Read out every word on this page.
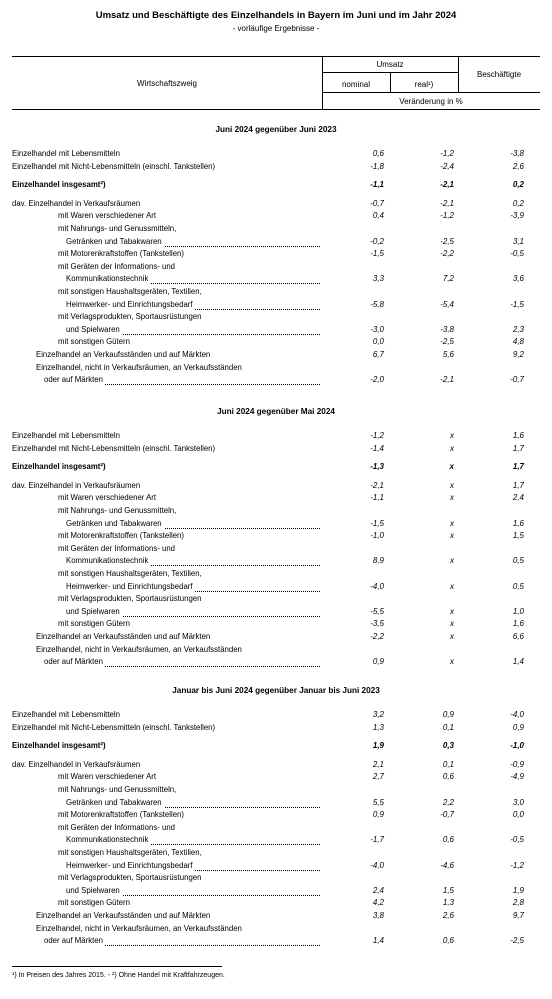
Umsatz und Beschäftigte des Einzelhandels in Bayern im Juni und im Jahr 2024
- vorläufige Ergebnisse -
Wirtschaftszweig
Umsatz
nominal	real¹)
Beschäftigte
Veränderung in %
Juni 2024 gegenüber Juni 2023
Einzelhandel mit Lebensmitteln	0,6	-1,2	-3,8
Einzelhandel mit Nicht-Lebensmitteln (einschl. Tankstellen)	-1,8	-2,4	2,6
Einzelhandel insgesamt²)	-1,1	-2,1	0,2
dav. Einzelhandel in Verkaufsräumen	-0,7	-2,1	0,2
mit Waren verschiedener Art	0,4	-1,2	-3,9
mit Nahrungs- und Genussmitteln,
Getränken und Tabakwaren	-0,2	-2,5	3,1
mit Motorenkraftstoffen (Tankstellen)	-1,5	-2,2	-0,5
mit Geräten der Informations- und
Kommunikationstechnik	3,3	7,2	3,6
mit sonstigen Haushaltsgeräten, Textilien,
Heimwerker- und Einrichtungsbedarf	-5,8	-5,4	-1,5
mit Verlagsprodukten, Sportausrüstungen
und Spielwaren	-3,0	-3,8	2,3
mit sonstigen Gütern	0,0	-2,5	4,8
Einzelhandel an Verkaufsständen und auf Märkten	6,7	5,6	9,2
Einzelhandel, nicht in Verkaufsräumen, an Verkaufsständen
oder auf Märkten	-2,0	-2,1	-0,7
Juni 2024 gegenüber Mai 2024
Einzelhandel mit Lebensmitteln	-1,2	x	1,6
Einzelhandel mit Nicht-Lebensmitteln (einschl. Tankstellen)	-1,4	x	1,7
Einzelhandel insgesamt²)	-1,3	x	1,7
dav. Einzelhandel in Verkaufsräumen	-2,1	x	1,7
mit Waren verschiedener Art	-1,1	x	2,4
mit Nahrungs- und Genussmitteln,
Getränken und Tabakwaren	-1,5	x	1,6
mit Motorenkraftstoffen (Tankstellen)	-1,0	x	1,5
mit Geräten der Informations- und
Kommunikationstechnik	8,9	x	0,5
mit sonstigen Haushaltsgeräten, Textilien,
Heimwerker- und Einrichtungsbedarf	-4,0	x	0,5
mit Verlagsprodukten, Sportausrüstungen
und Spielwaren	-5,5	x	1,0
mit sonstigen Gütern	-3,5	x	1,6
Einzelhandel an Verkaufsständen und auf Märkten	-2,2	x	6,6
Einzelhandel, nicht in Verkaufsräumen, an Verkaufsständen
oder auf Märkten	0,9	x	1,4
Januar bis Juni 2024 gegenüber Januar bis Juni 2023
Einzelhandel mit Lebensmitteln	3,2	0,9	-4,0
Einzelhandel mit Nicht-Lebensmitteln (einschl. Tankstellen)	1,3	0,1	0,9
Einzelhandel insgesamt²)	1,9	0,3	-1,0
dav. Einzelhandel in Verkaufsräumen	2,1	0,1	-0,9
mit Waren verschiedener Art	2,7	0,6	-4,9
mit Nahrungs- und Genussmitteln,
Getränken und Tabakwaren	5,5	2,2	3,0
mit Motorenkraftstoffen (Tankstellen)	0,9	-0,7	0,0
mit Geräten der Informations- und
Kommunikationstechnik	-1,7	0,6	-0,5
mit sonstigen Haushaltsgeräten, Textilien,
Heimwerker- und Einrichtungsbedarf	-4,0	-4,6	-1,2
mit Verlagsprodukten, Sportausrüstungen
und Spielwaren	2,4	1,5	1,9
mit sonstigen Gütern	4,2	1,3	2,8
Einzelhandel an Verkaufsständen und auf Märkten	3,8	2,6	9,7
Einzelhandel, nicht in Verkaufsräumen, an Verkaufsständen
oder auf Märkten	1,4	0,6	-2,5
¹) In Preisen des Jahres 2015. - ²) Ohne Handel mit Kraftfahrzeugen.
